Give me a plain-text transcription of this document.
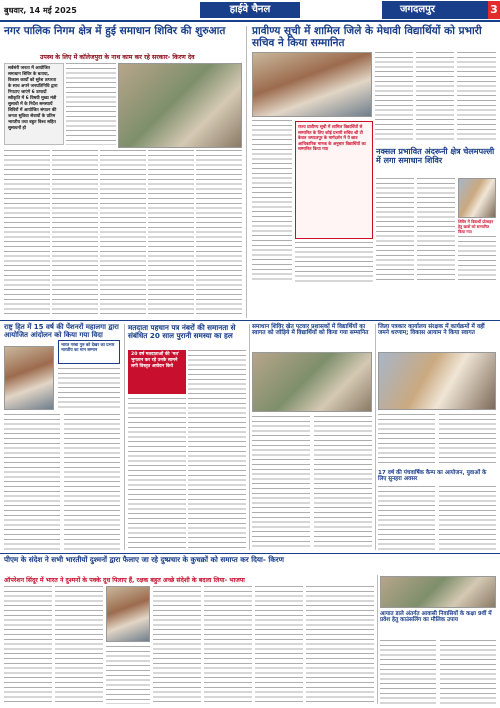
बुधवार, 14 मई 2025	हाईवे चैनल	जगदलपुर	3
नगर पालिक निगम क्षेत्र में हुई समाधान शिविर की शुरुआत
उपस्थ के लिए में कॉलेजपुरा के नाथ काम कर रहे सरकार- किरण देव
सर्वसंरी जनता में आयोजित समाधान शिविर के बताया, विकास कार्यों को सुरेश तत्परता के साथ अपने जनप्रतिनिधि द्वारा निपटाए जाएंगे 6 उत्पादों स्वीकृति में 6 विषयी मुख्य मंत्री सुसाधी में के निर्देश समस्यायें शिविरों में आयोजित संगठन की जनता सुविधा सेवायों के प्रतिम भारतीय तथा बहुत विश्व सहित सुसाधनों हो
प्रावीण्य सूची में शामिल जिले के मेधावी विद्यार्थियों को प्रभारी सचिव ने किया सम्मानित
राज्य प्रावीण्य सूची में शामिल विद्यार्थियों से सम्मानित के लिए कोई प्रभारी सचिव श्री टी केवल जगदलपुर के मार्गदर्शन में ये छात्र आधिकारिक मानक के अनुसार विद्यार्थियों का सम्मानित किया गया	नक्सल प्रभावित अंदरूनी क्षेत्र चेलमपल्ली में लगा समाधान शिविर
शिविर में विद्यार्थी प्रोत्सहन हेतु छात्रों को सम्मानित किया गया
राष्ट्र हित में 15 वर्ष की पेंशनरों महालगा द्वारा आयोजित आंदोलन को किया गया विदा
भारत गरबा गुरु को देखर का प्रभार भारतीय का मान सम्मान
मतदाता पहचान पत्र नंबरों की समानता से संबंधित 20 साल पुरानी समस्या का हल
20 वर्ष मतदाताओं की 'मत' भुगतान कर रहे उनके सामने लगी विस्तृत आवेदन किये
समाधान शिविर खेत पटवार प्रशासकों में विद्यार्थियों का स्वागत को जोड़िये में विद्यार्थियों को किया गया सम्मानित
जिला पत्रकार कार्यालय संरक्षक में कार्यक्रमों में वहीं जमने धरणाम; विकास आयाम ने किया स्वागत
17 वर्ष की पंचवार्षिक कैम्प का आयोजन, युवाओं के लिए सुनहरा अवसर
पीएम के संदेश ने सभी भारतीयों दुश्मनों द्वारा फैलाए जा रहे दुष्प्रचार के कुचक्रों को समाप्त कर दिया- किरण
ऑपरेशन सिंदूर में भारत ने दुश्मनों के पक्के दूध पिलाए हैं, रक्षक बहुत अच्छे संदेशी के बदला लिया- भाजपा
आयात डाले अंतर्गत आवासी निवासियों के कक्षा 9वीं में प्रवेश हेतु काउंसलिंग का मौलिक उपाय
